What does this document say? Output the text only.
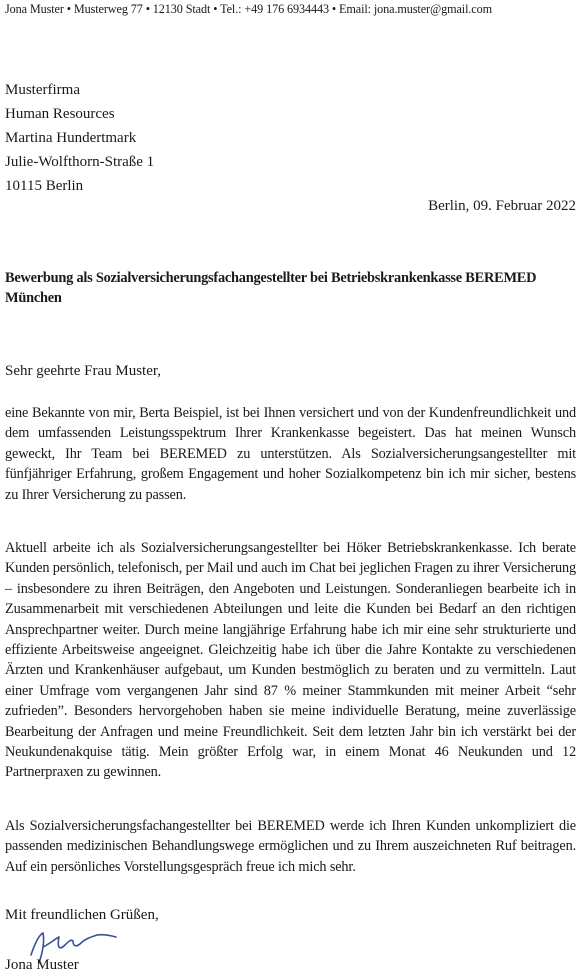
Jona Muster • Musterweg 77 • 12130 Stadt • Tel.: +49 176 6934443 • Email: jona.muster@gmail.com
Musterfirma
Human Resources
Martina Hundertmark
Julie-Wolfthorn-Straße 1
10115 Berlin
Berlin, 09. Februar 2022
Bewerbung als Sozialversicherungsfachangestellter bei Betriebskrankenkasse BEREMED München
Sehr geehrte Frau Muster,
eine Bekannte von mir, Berta Beispiel, ist bei Ihnen versichert und von der Kundenfreundlichkeit und dem umfassenden Leistungsspektrum Ihrer Krankenkasse begeistert. Das hat meinen Wunsch geweckt, Ihr Team bei BEREMED zu unterstützen. Als Sozialversicherungsangestellter mit fünfjähriger Erfahrung, großem Engagement und hoher Sozialkompetenz bin ich mir sicher, bestens zu Ihrer Versicherung zu passen.
Aktuell arbeite ich als Sozialversicherungsangestellter bei Höker Betriebskrankenkasse. Ich berate Kunden persönlich, telefonisch, per Mail und auch im Chat bei jeglichen Fragen zu ihrer Versicherung – insbesondere zu ihren Beiträgen, den Angeboten und Leistungen. Sonderanliegen bearbeite ich in Zusammenarbeit mit verschiedenen Abteilungen und leite die Kunden bei Bedarf an den richtigen Ansprechpartner weiter. Durch meine langjährige Erfahrung habe ich mir eine sehr strukturierte und effiziente Arbeitsweise angeeignet. Gleichzeitig habe ich über die Jahre Kontakte zu verschiedenen Ärzten und Krankenhäuser aufgebaut, um Kunden bestmöglich zu beraten und zu vermitteln. Laut einer Umfrage vom vergangenen Jahr sind 87 % meiner Stammkunden mit meiner Arbeit “sehr zufrieden”. Besonders hervorgehoben haben sie meine individuelle Beratung, meine zuverlässige Bearbeitung der Anfragen und meine Freundlichkeit. Seit dem letzten Jahr bin ich verstärkt bei der Neukundenakquise tätig. Mein größter Erfolg war, in einem Monat 46 Neukunden und 12 Partnerpraxen zu gewinnen.
Als Sozialversicherungsfachangestellter bei BEREMED werde ich Ihren Kunden unkompliziert die passenden medizinischen Behandlungswege ermöglichen und zu Ihrem auszeichneten Ruf beitragen. Auf ein persönliches Vorstellungsgespräch freue ich mich sehr.
Mit freundlichen Grüßen,
Jona Muster
